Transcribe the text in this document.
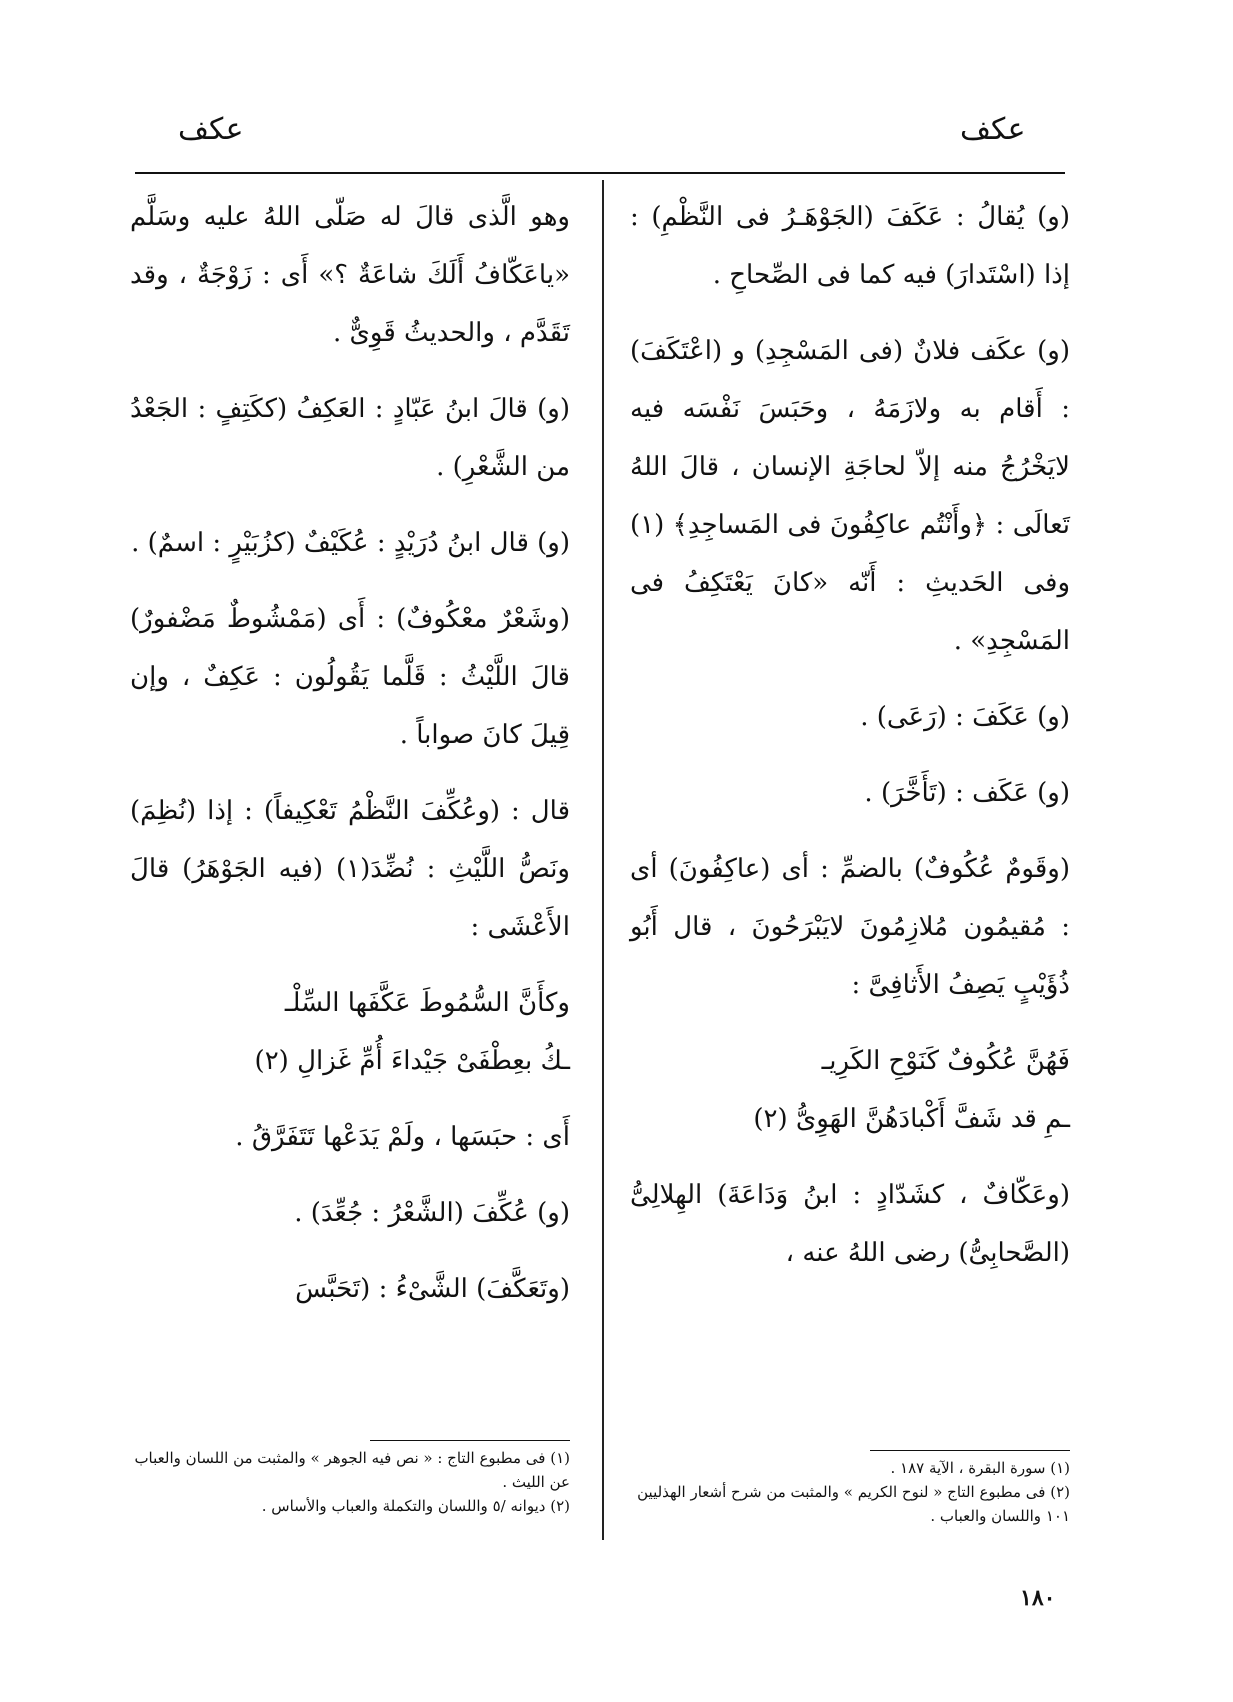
عكف
عكف

(و) يُقالُ : عَكَفَ (الجَوْهَـرُ فى النَّظْمِ) : إذا (اسْتَدارَ) فيه كما فى الصِّحاحِ .

(و) عكَف فلانٌ (فى المَسْجِدِ) و (اعْتَكَفَ) : أَقام به ولازَمَهُ ، وحَبَسَ نَفْسَه فيه لايَخْرُجُ منه إلاّ لحاجَةِ الإنسان ، قالَ اللهُ تَعالَى : ﴿وأَنْتُم عاكِفُونَ فى المَساجِدِ﴾ (١) وفى الحَديثِ : أَنّه «كانَ يَعْتَكِفُ فى المَسْجِدِ» .

(و) عَكَفَ : (رَعَى) .

(و) عَكَف : (تَأَخَّرَ) .

(وقَومٌ عُكُوفٌ) بالضمِّ : أى (عاكِفُونَ) أى : مُقيمُون مُلازِمُونَ لايَبْرَحُونَ ، قال أَبُو ذُؤَيْبٍ يَصِفُ الأَثافِىَّ :

فَهُنَّ عُكُوفٌ كَنَوْحِ الكَرِيـ
ـمِ قد شَفَّ أَكْبادَهُنَّ الهَوِىُّ (٢)

(وعَكّافٌ ، كشَدّادٍ : ابنُ وَدَاعَةَ) الهِلالِىُّ (الصَّحابِىُّ) رضى اللهُ عنه ،

وهو الَّذى قالَ له صَلّى اللهُ عليه وسَلَّم «ياعَكّافُ أَلَكَ شاعَةٌ ؟» أَى : زَوْجَةٌ ، وقد تَقَدَّم ، والحديثُ قَوِىٌّ .

(و) قالَ ابنُ عَبّادٍ : العَكِفُ (ككَتِفٍ : الجَعْدُ من الشَّعْرِ) .

(و) قال ابنُ دُرَيْدٍ : عُكَيْفٌ (كزُبَيْرٍ : اسمٌ) .

(وشَعْرٌ معْكُوفٌ) : أَى (مَمْشُوطٌ مَضْفورٌ) قالَ اللَّيْثُ : قَلَّما يَقُولُون : عَكِفٌ ، وإن قِيلَ كانَ صواباً .

قال : (وعُكِّفَ النَّظْمُ تَعْكِيفاً) : إذا (نُظِمَ) ونَصُّ اللَّيْثِ : نُضِّدَ(١) (فيه الجَوْهَرُ) قالَ الأَعْشَى :

وكأَنَّ السُّمُوطَ عَكَّفَها السِّلْـ
ـكُ بعِطْفَىْ جَيْداءَ أُمِّ غَزالِ (٢)

أَى : حبَسَها ، ولَمْ يَدَعْها تَتَفَرَّقُ .

(و) عُكِّفَ (الشَّعْرُ : جُعِّدَ) .

(وتَعَكَّفَ) الشَّىْءُ : (تَحَبَّسَ

(١) سورة البقرة ، الآية ١٨٧ .

(٢) فى مطبوع التاج « لنوح الكريم » والمثبت من شرح أشعار الهذليين ١٠١ واللسان والعباب .

(١) فى مطبوع التاج : « نص فيه الجوهر » والمثبت من اللسان والعباب عن الليث .

(٢) ديوانه /٥ واللسان والتكملة والعباب والأساس .

١٨٠
